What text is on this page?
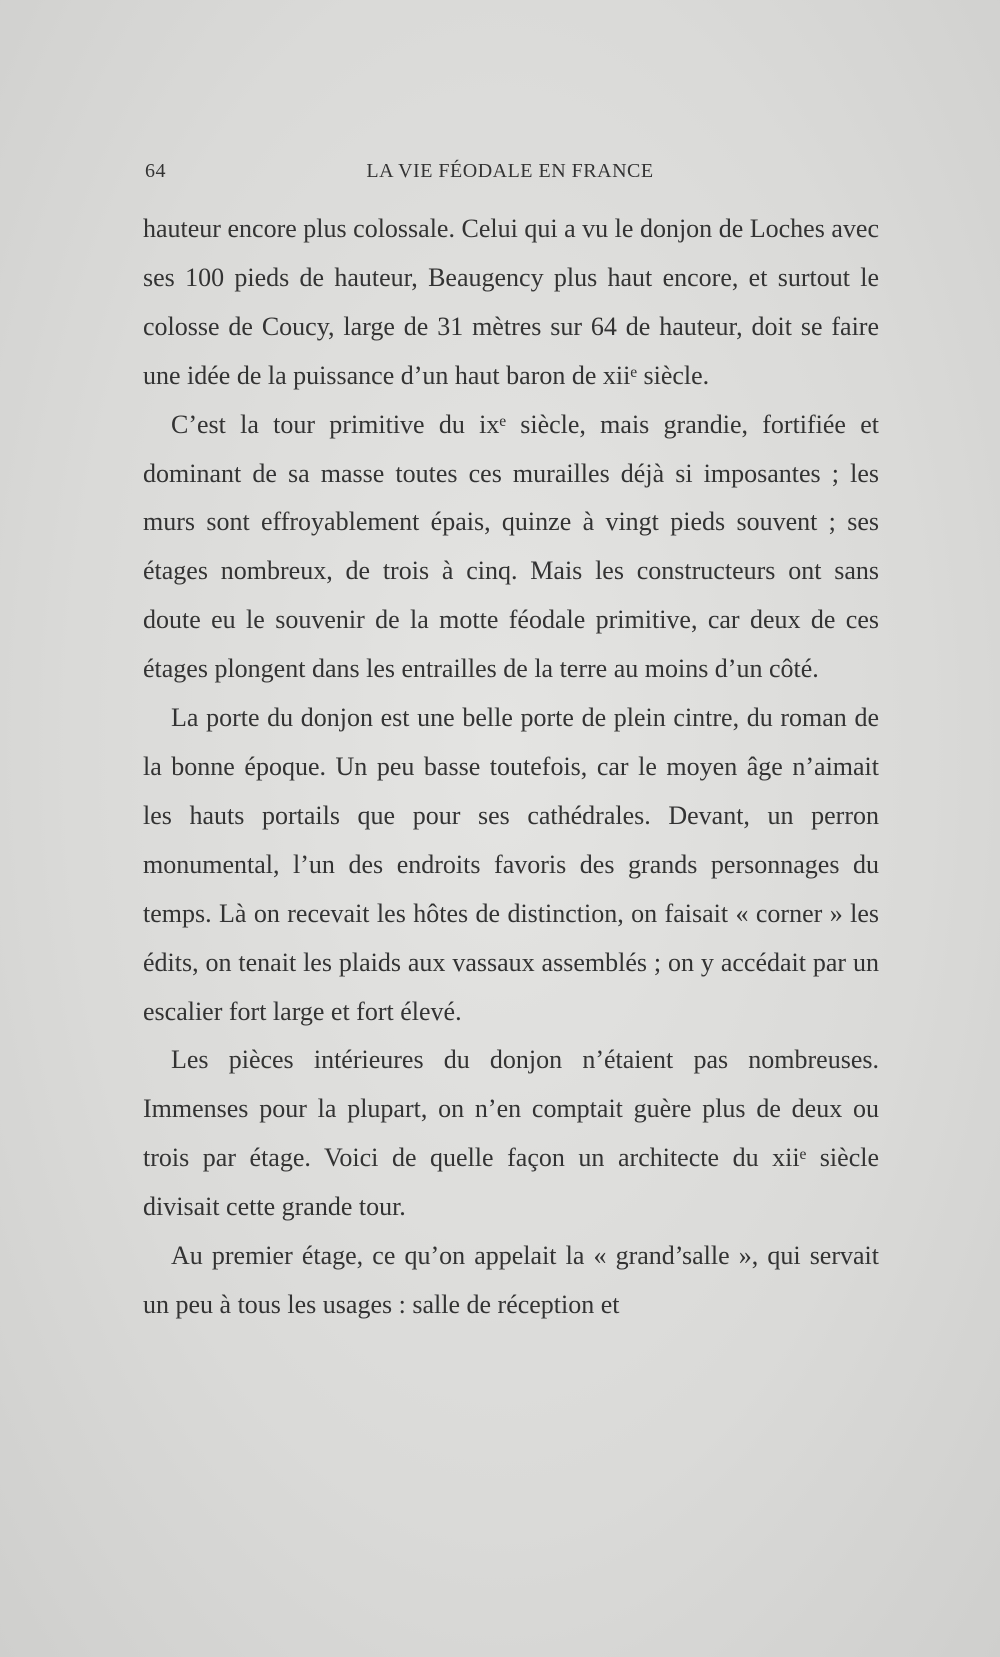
64	LA VIE FÉODALE EN FRANCE

hauteur encore plus colossale. Celui qui a vu le donjon de Loches avec ses 100 pieds de hauteur, Beaugency plus haut encore, et surtout le colosse de Coucy, large de 31 mètres sur 64 de hauteur, doit se faire une idée de la puissance d’un haut baron de xiiᵉ siècle.

C’est la tour primitive du ixᵉ siècle, mais grandie, fortifiée et dominant de sa masse toutes ces murailles déjà si imposantes ; les murs sont effroyablement épais, quinze à vingt pieds souvent ; ses étages nombreux, de trois à cinq. Mais les constructeurs ont sans doute eu le souvenir de la motte féodale primitive, car deux de ces étages plongent dans les entrailles de la terre au moins d’un côté.

La porte du donjon est une belle porte de plein cintre, du roman de la bonne époque. Un peu basse toutefois, car le moyen âge n’aimait les hauts portails que pour ses cathédrales. Devant, un perron monumental, l’un des endroits favoris des grands personnages du temps. Là on recevait les hôtes de distinction, on faisait « corner » les édits, on tenait les plaids aux vassaux assemblés ; on y accédait par un escalier fort large et fort élevé.

Les pièces intérieures du donjon n’étaient pas nombreuses. Immenses pour la plupart, on n’en comptait guère plus de deux ou trois par étage. Voici de quelle façon un architecte du xiiᵉ siècle divisait cette grande tour.

Au premier étage, ce qu’on appelait la « grand’salle », qui servait un peu à tous les usages : salle de réception et
